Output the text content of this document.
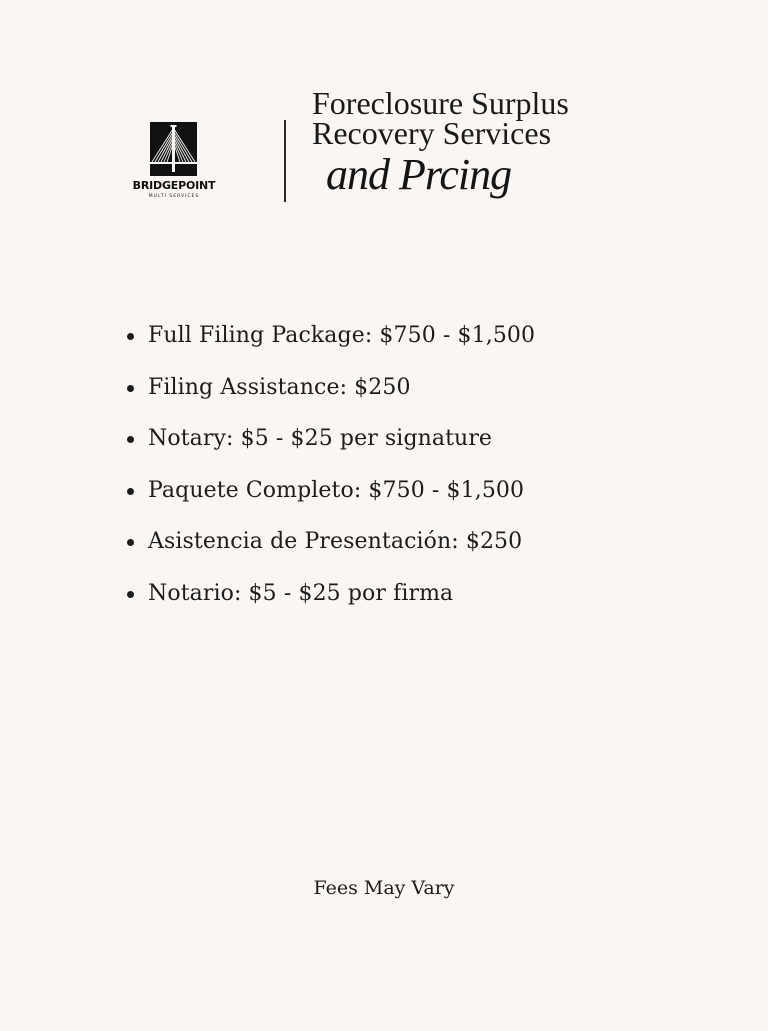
BRIDGEPOINT
MULTI SERVICES
Foreclosure Surplus
Recovery Services
and Prcing
Full Filing Package: $750 - $1,500
Filing Assistance: $250
Notary: $5 - $25 per signature
Paquete Completo: $750 - $1,500
Asistencia de Presentación: $250
Notario: $5 - $25 por firma
Fees May Vary
